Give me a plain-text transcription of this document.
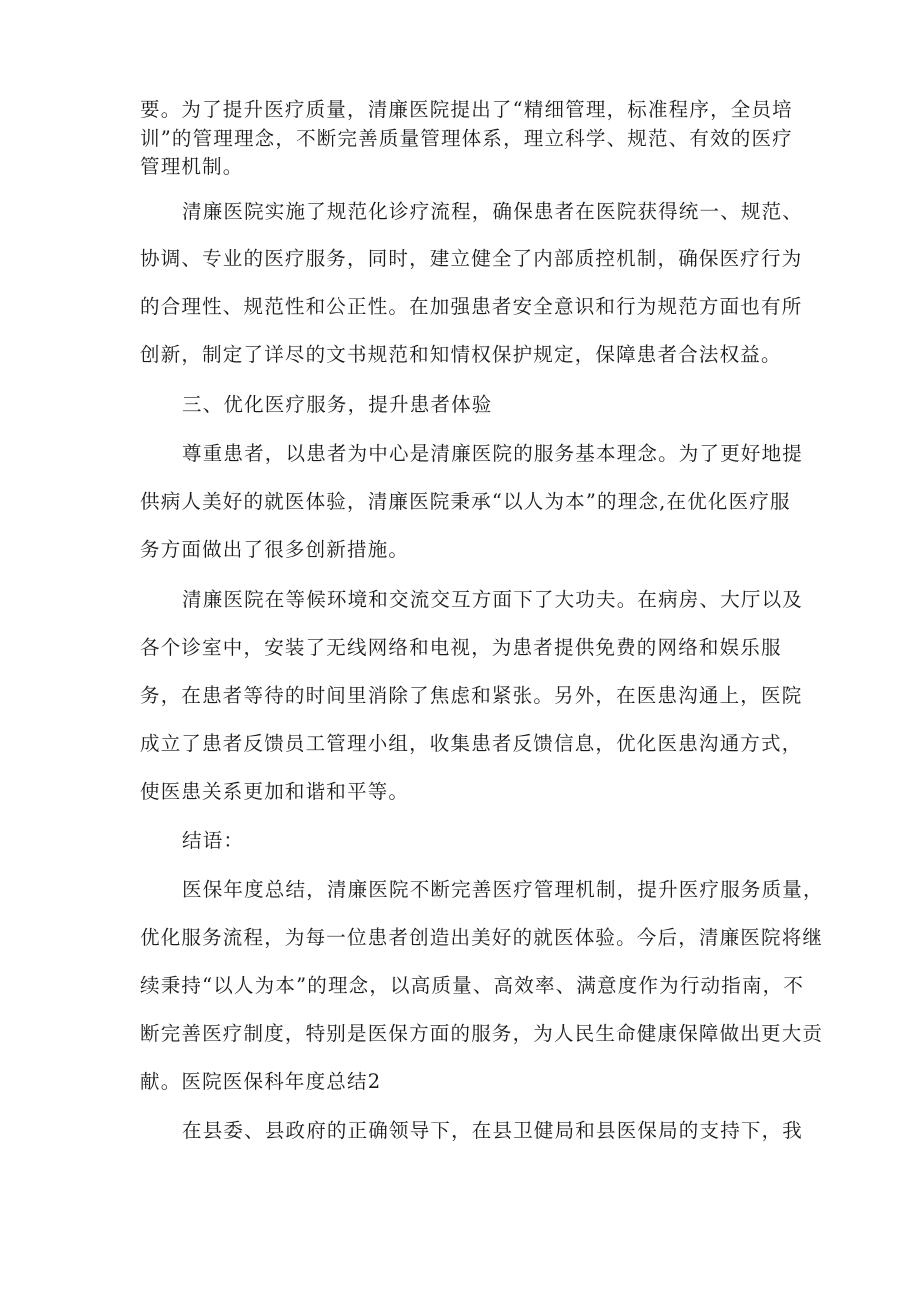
要。为了提升医疗质量，清廉医院提出了“精细管理，标准程序，全员培
训”的管理理念，不断完善质量管理体系，理立科学、规范、有效的医疗
管理机制。
清廉医院实施了规范化诊疗流程，确保患者在医院获得统一、规范、
协调、专业的医疗服务，同时，建立健全了内部质控机制，确保医疗行为
的合理性、规范性和公正性。在加强患者安全意识和行为规范方面也有所
创新，制定了详尽的文书规范和知情权保护规定，保障患者合法权益。
三、优化医疗服务，提升患者体验
尊重患者，以患者为中心是清廉医院的服务基本理念。为了更好地提
供病人美好的就医体验，清廉医院秉承“以人为本”的理念,在优化医疗服
务方面做出了很多创新措施。
清廉医院在等候环境和交流交互方面下了大功夫。在病房、大厅以及
各个诊室中，安装了无线网络和电视，为患者提供免费的网络和娱乐服
务，在患者等待的时间里消除了焦虑和紧张。另外，在医患沟通上，医院
成立了患者反馈员工管理小组，收集患者反馈信息，优化医患沟通方式，
使医患关系更加和谐和平等。
结语：
医保年度总结，清廉医院不断完善医疗管理机制，提升医疗服务质量，
优化服务流程，为每一位患者创造出美好的就医体验。今后，清廉医院将继
续秉持“以人为本”的理念，以高质量、高效率、满意度作为行动指南，不
断完善医疗制度，特别是医保方面的服务，为人民生命健康保障做出更大贡
献。医院医保科年度总结2
在县委、县政府的正确领导下，在县卫健局和县医保局的支持下，我
